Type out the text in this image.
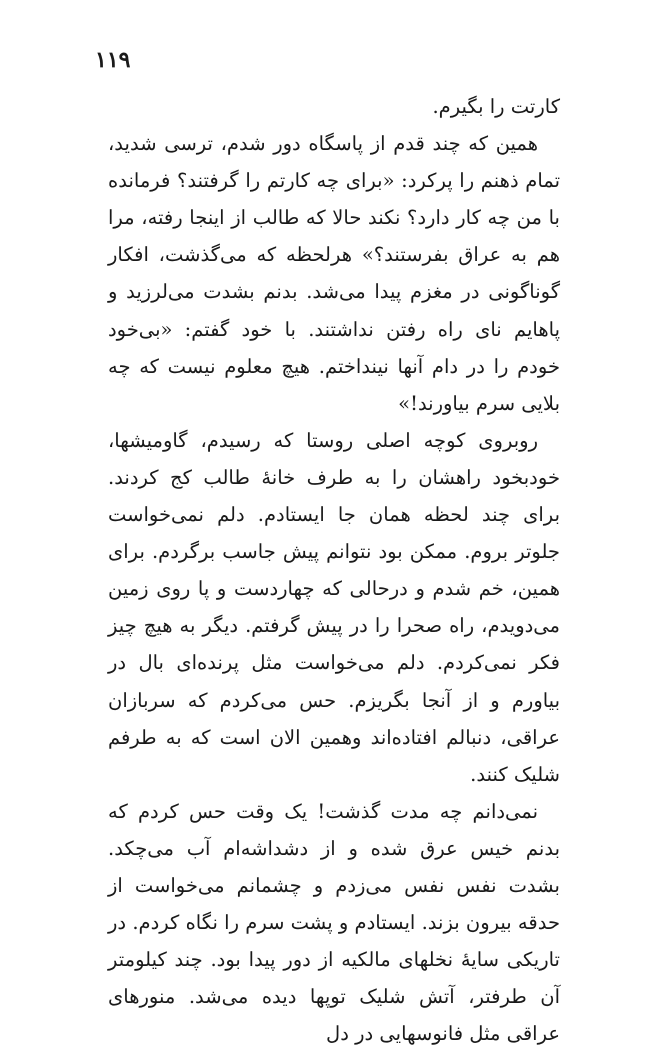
۱۱۹

کارتت را بگیرم.

همین که چند قدم از پاسگاه دور شدم، ترسی شدید، تمام ذهنم را پرکرد: «برای چه کارتم را گرفتند؟ فرمانده با من چه کار دارد؟ نکند حالا که طالب از اینجا رفته، مرا هم به عراق بفرستند؟» هرلحظه که می‌گذشت، افکار گوناگونی در مغزم پیدا می‌شد. بدنم بشدت می‌لرزید و پاهایم نای راه رفتن نداشتند. با خود گفتم: «بی‌خود خودم را در دام آنها نینداختم. هیچ معلوم نیست که چه بلایی سرم بیاورند!»

روبروی کوچه اصلی روستا که رسیدم، گاومیشها، خودبخود راهشان را به طرف خانهٔ طالب کج کردند. برای چند لحظه همان جا ایستادم. دلم نمی‌خواست جلوتر بروم. ممکن بود نتوانم پیش جاسب برگردم. برای همین، خم شدم و درحالی که چهاردست و پا روی زمین می‌دویدم، راه صحرا را در پیش گرفتم. دیگر به هیچ چیز فکر نمی‌کردم. دلم می‌خواست مثل پرنده‌ای بال در بیاورم و از آنجا بگریزم. حس می‌کردم که سربازان عراقی، دنبالم افتاده‌اند وهمین الان است که به طرفم شلیک کنند.

نمی‌دانم چه مدت گذشت! یک وقت حس کردم که بدنم خیس عرق شده و از دشداشه‌ام آب می‌چکد. بشدت نفس نفس می‌زدم و چشمانم می‌خواست از حدقه بیرون بزند. ایستادم و پشت سرم را نگاه کردم. در تاریکی سایهٔ نخلهای مالکیه از دور پیدا بود. چند کیلومتر آن طرفتر، آتش شلیک توپها دیده می‌شد. منورهای عراقی مثل فانوسهایی در دل
